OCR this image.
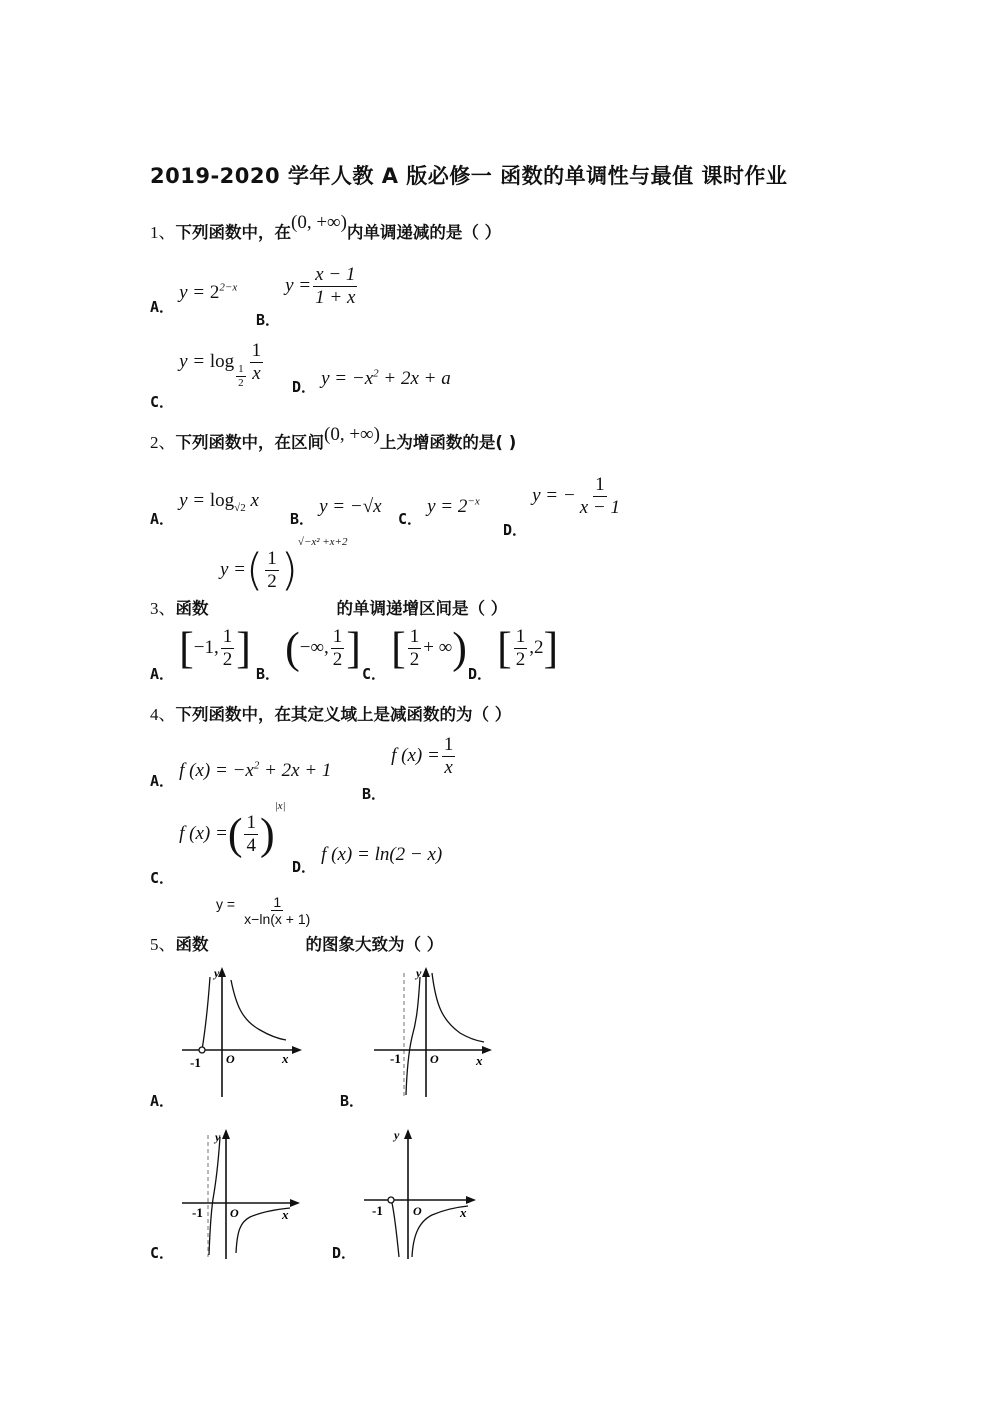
2019-2020 学年人教 A 版必修一 函数的单调性与最值 课时作业
1、下列函数中，在(0, +∞)内单调递减的是（ ）
A． $y = 2^{2-x}$
B． $y = \frac{x - 1}{1 + x}$
C． y = log
$\frac{1}{2} \frac{1}{x}$
D． $y = -x^2 + 2x + a$
2、下列函数中，在区间(0, +∞)上为增函数的是( )
A． $y = \log_{√2} x$
B． y = −√x
C． $y = 2^{-x}$
D． y = − $\frac{1}{x - 1}$
y =( $\frac{1}{2} )^{√-x^2 +x+2}$
3、函数	的单调递增区间是（ ）
A． [−1, $\frac{1}{2}$ ]
B． (−∞, $\frac{1}{2}$ ]
C． [ $\frac{1}{2}$ + ∞)
D． [ $\frac{1}{2} ,2$]
4、下列函数中，在其定义域上是减函数的为（ ）
A． f $(x) = -x^2 + 2x + 1$
B． f $(x) = \frac{1}{x}$
C． f (x) =( $\frac{1}{4} )^{|x|}$
D． f (x) = ln(2 − x)
$y = \frac{1}{x-\ln(x + 1)}$
5、函数	的图象大致为（ ）
y
O	x
-1
A．
y
O	x
-1
B．
y
O	x
-1
C．
y
O	x
-1
D．
